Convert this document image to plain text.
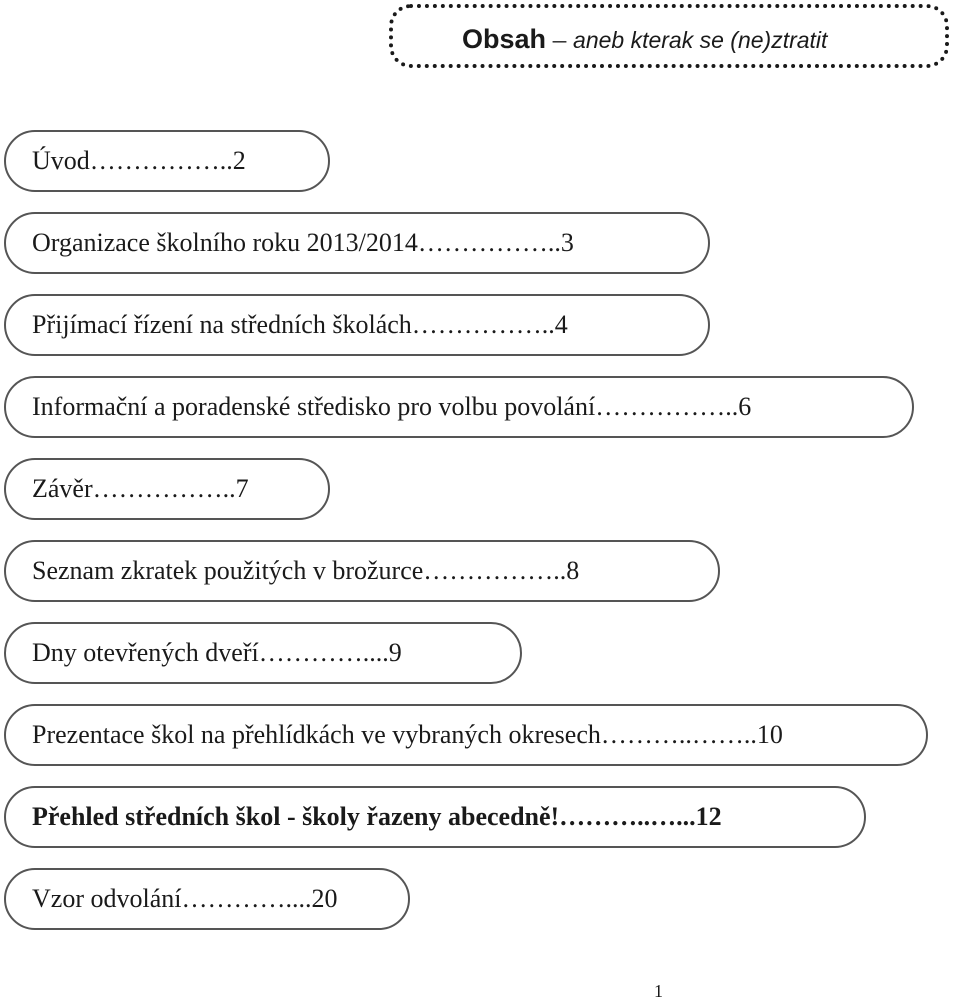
Obsah – aneb kterak se (ne)ztratit
Úvod……………..2
Organizace školního roku 2013/2014……………..3
Přijímací řízení na středních školách……………..4
Informační a poradenské středisko pro volbu povolání……………..6
Závěr……………..7
Seznam zkratek použitých v brožurce……………..8
Dny otevřených dveří…………....9
Prezentace škol na přehlídkách ve vybraných okresech………..……..10
Přehled středních škol - školy řazeny abecedně!………..…...12
Vzor odvolání…………....20
1
